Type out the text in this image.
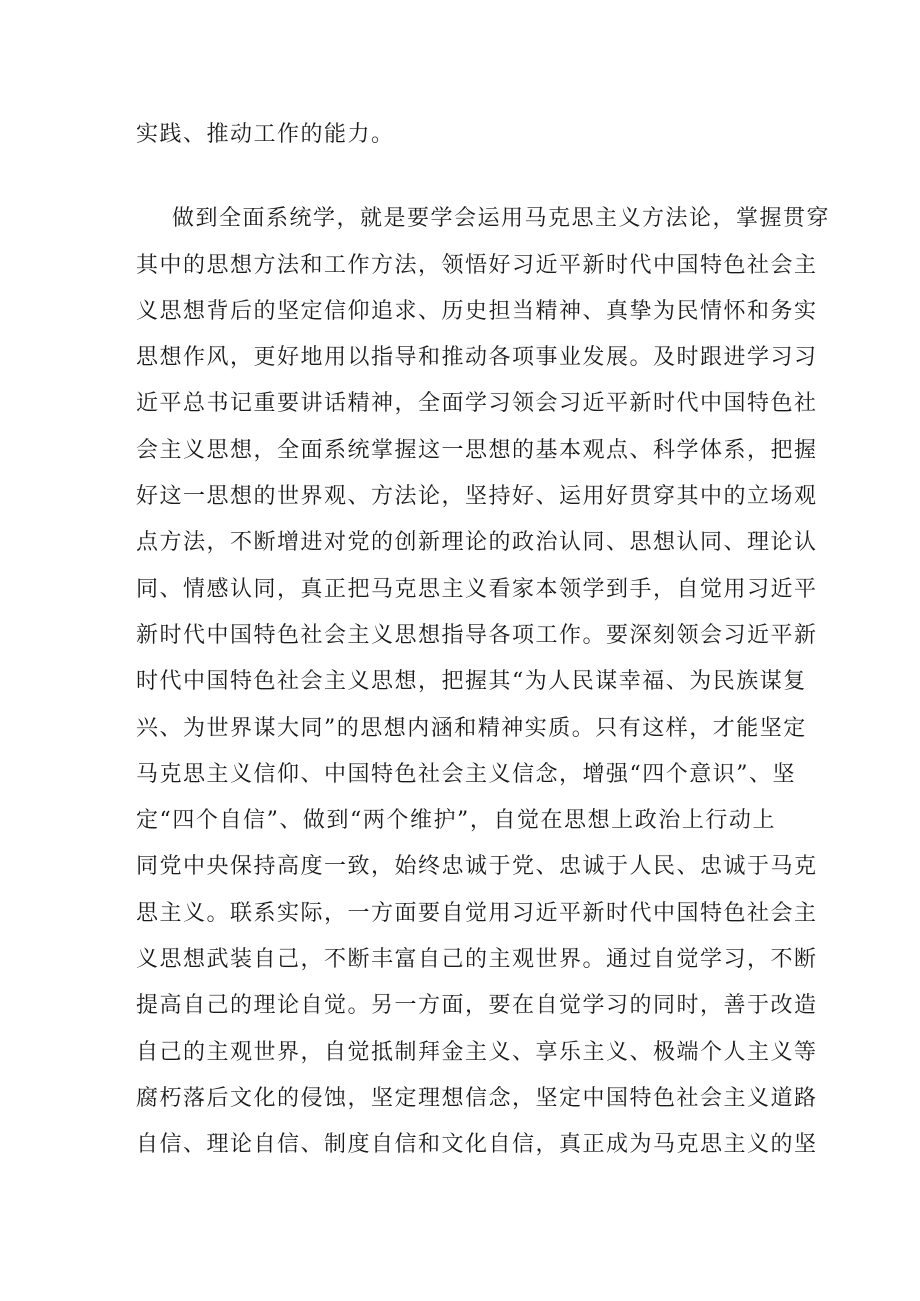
实践、推动工作的能力。
做到全面系统学，就是要学会运用马克思主义方法论，掌握贯穿
其中的思想方法和工作方法，领悟好习近平新时代中国特色社会主
义思想背后的坚定信仰追求、历史担当精神、真挚为民情怀和务实
思想作风，更好地用以指导和推动各项事业发展。及时跟进学习习
近平总书记重要讲话精神，全面学习领会习近平新时代中国特色社
会主义思想，全面系统掌握这一思想的基本观点、科学体系，把握
好这一思想的世界观、方法论，坚持好、运用好贯穿其中的立场观
点方法，不断增进对党的创新理论的政治认同、思想认同、理论认
同、情感认同，真正把马克思主义看家本领学到手，自觉用习近平
新时代中国特色社会主义思想指导各项工作。要深刻领会习近平新
时代中国特色社会主义思想，把握其“为人民谋幸福、为民族谋复
兴、为世界谋大同”的思想内涵和精神实质。只有这样，才能坚定
马克思主义信仰、中国特色社会主义信念，增强“四个意识”、坚
定“四个自信”、做到“两个维护”，自觉在思想上政治上行动上
同党中央保持高度一致，始终忠诚于党、忠诚于人民、忠诚于马克
思主义。联系实际，一方面要自觉用习近平新时代中国特色社会主
义思想武装自己，不断丰富自己的主观世界。通过自觉学习，不断
提高自己的理论自觉。另一方面，要在自觉学习的同时，善于改造
自己的主观世界，自觉抵制拜金主义、享乐主义、极端个人主义等
腐朽落后文化的侵蚀，坚定理想信念，坚定中国特色社会主义道路
自信、理论自信、制度自信和文化自信，真正成为马克思主义的坚
